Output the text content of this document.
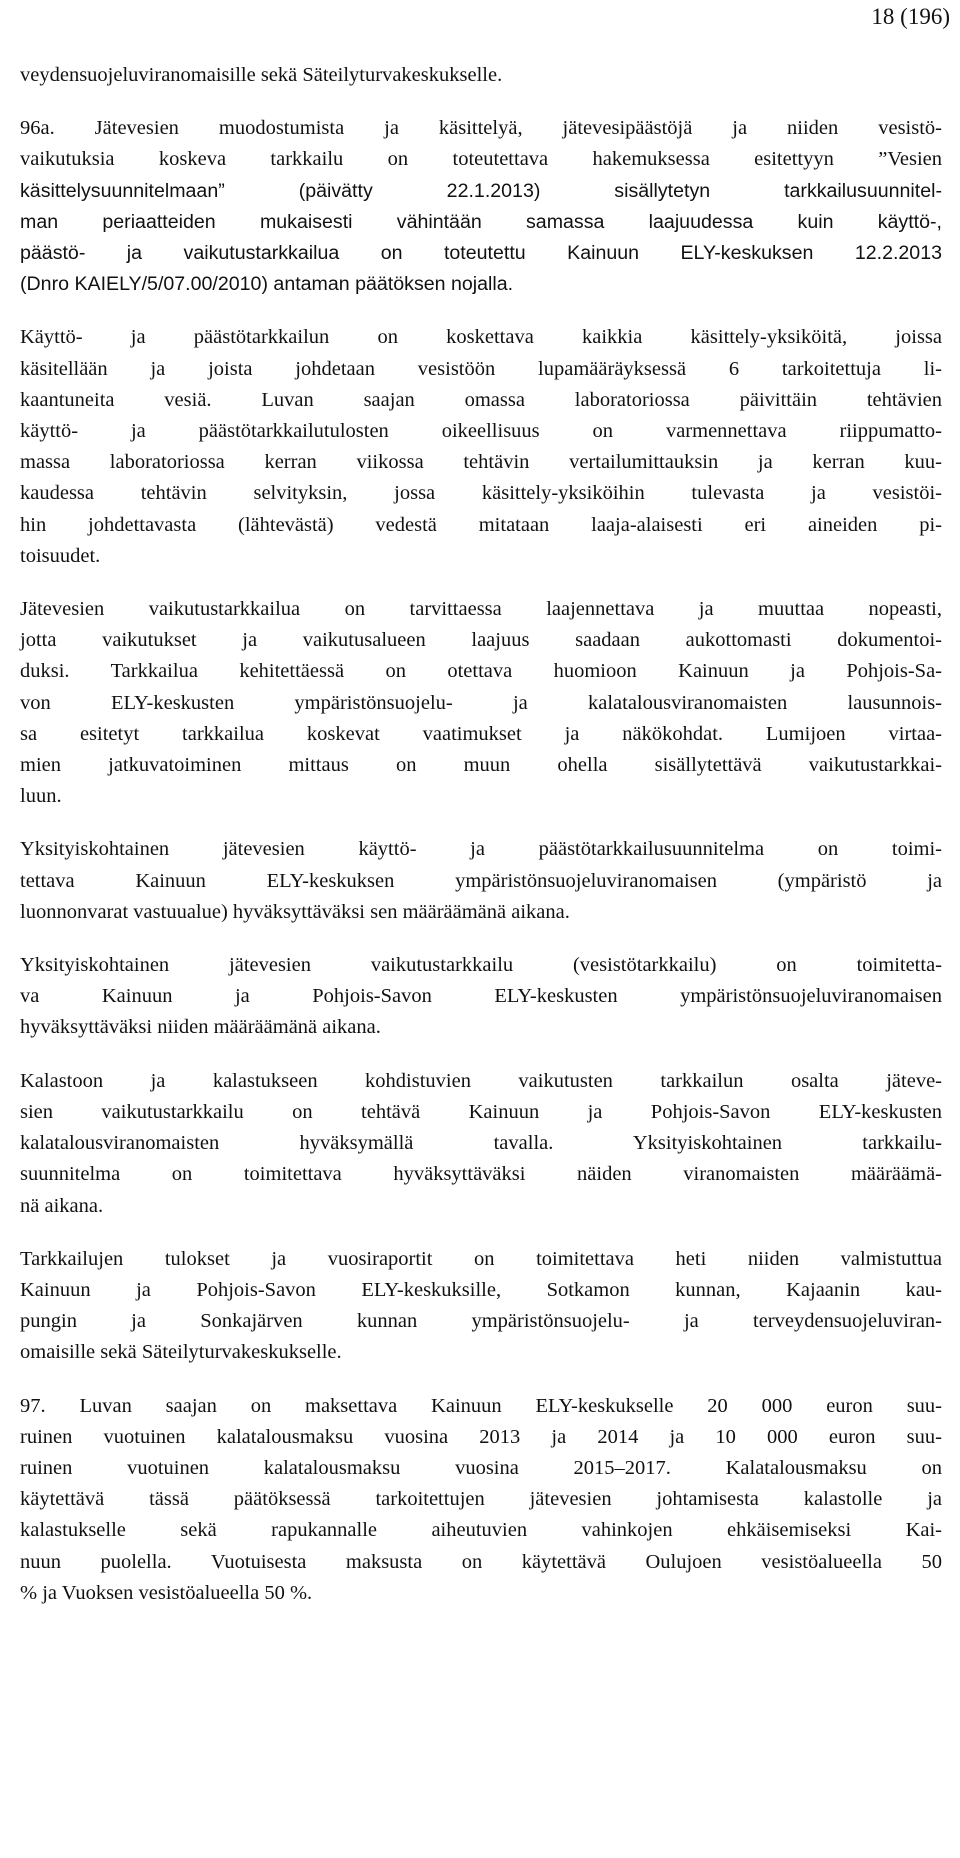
18 (196)
veydensuojeluviranomaisille sekä Säteilyturvakeskukselle.
96a. Jätevesien muodostumista ja käsittelyä, jätevesipäästöjä ja niiden vesistö-
vaikutuksia koskeva tarkkailu on toteutettava hakemuksessa esitettyyn ”Vesien
käsittelysuunnitelmaan” (päivätty 22.1.2013) sisällytetyn tarkkailusuunnitel-
man periaatteiden mukaisesti vähintään samassa laajuudessa kuin käyttö-,
päästö- ja vaikutustarkkailua on toteutettu Kainuun ELY-keskuksen 12.2.2013
(Dnro KAIELY/5/07.00/2010) antaman päätöksen nojalla.
Käyttö- ja päästötarkkailun on koskettava kaikkia käsittely-yksiköitä, joissa
käsitellään ja joista johdetaan vesistöön lupamääräyksessä 6 tarkoitettuja li-
kaantuneita vesiä. Luvan saajan omassa laboratoriossa päivittäin tehtävien
käyttö- ja päästötarkkailutulosten oikeellisuus on varmennettava riippumatto-
massa laboratoriossa kerran viikossa tehtävin vertailumittauksin ja kerran kuu-
kaudessa tehtävin selvityksin, jossa käsittely-yksiköihin tulevasta ja vesistöi-
hin johdettavasta (lähtevästä) vedestä mitataan laaja-alaisesti eri aineiden pi-
toisuudet.
Jätevesien vaikutustarkkailua on tarvittaessa laajennettava ja muuttaa nopeasti,
jotta vaikutukset ja vaikutusalueen laajuus saadaan aukottomasti dokumentoi-
duksi. Tarkkailua kehitettäessä on otettava huomioon Kainuun ja Pohjois-Sa-
von ELY-keskusten ympäristönsuojelu- ja kalatalousviranomaisten lausunnois-
sa esitetyt tarkkailua koskevat vaatimukset ja näkökohdat. Lumijoen virtaa-
mien jatkuvatoiminen mittaus on muun ohella sisällytettävä vaikutustarkkai-
luun.
Yksityiskohtainen jätevesien käyttö- ja päästötarkkailusuunnitelma on toimi-
tettava Kainuun ELY-keskuksen ympäristönsuojeluviranomaisen (ympäristö ja
luonnonvarat vastuualue) hyväksyttäväksi sen määräämänä aikana.
Yksityiskohtainen jätevesien vaikutustarkkailu (vesistötarkkailu) on toimitetta-
va Kainuun ja Pohjois-Savon ELY-keskusten ympäristönsuojeluviranomaisen
hyväksyttäväksi niiden määräämänä aikana.
Kalastoon ja kalastukseen kohdistuvien vaikutusten tarkkailun osalta jäteve-
sien vaikutustarkkailu on tehtävä Kainuun ja Pohjois-Savon ELY-keskusten
kalatalousviranomaisten hyväksymällä tavalla. Yksityiskohtainen tarkkailu-
suunnitelma on toimitettava hyväksyttäväksi näiden viranomaisten määräämä-
nä aikana.
Tarkkailujen tulokset ja vuosiraportit on toimitettava heti niiden valmistuttua
Kainuun ja Pohjois-Savon ELY-keskuksille, Sotkamon kunnan, Kajaanin kau-
pungin ja Sonkajärven kunnan ympäristönsuojelu- ja terveydensuojeluviran-
omaisille sekä Säteilyturvakeskukselle.
97. Luvan saajan on maksettava Kainuun ELY-keskukselle 20 000 euron suu-
ruinen vuotuinen kalatalousmaksu vuosina 2013 ja 2014 ja 10 000 euron suu-
ruinen vuotuinen kalatalousmaksu vuosina 2015–2017. Kalatalousmaksu on
käytettävä tässä päätöksessä tarkoitettujen jätevesien johtamisesta kalastolle ja
kalastukselle sekä rapukannalle aiheutuvien vahinkojen ehkäisemiseksi Kai-
nuun puolella. Vuotuisesta maksusta on käytettävä Oulujoen vesistöalueella 50
% ja Vuoksen vesistöalueella 50 %.
